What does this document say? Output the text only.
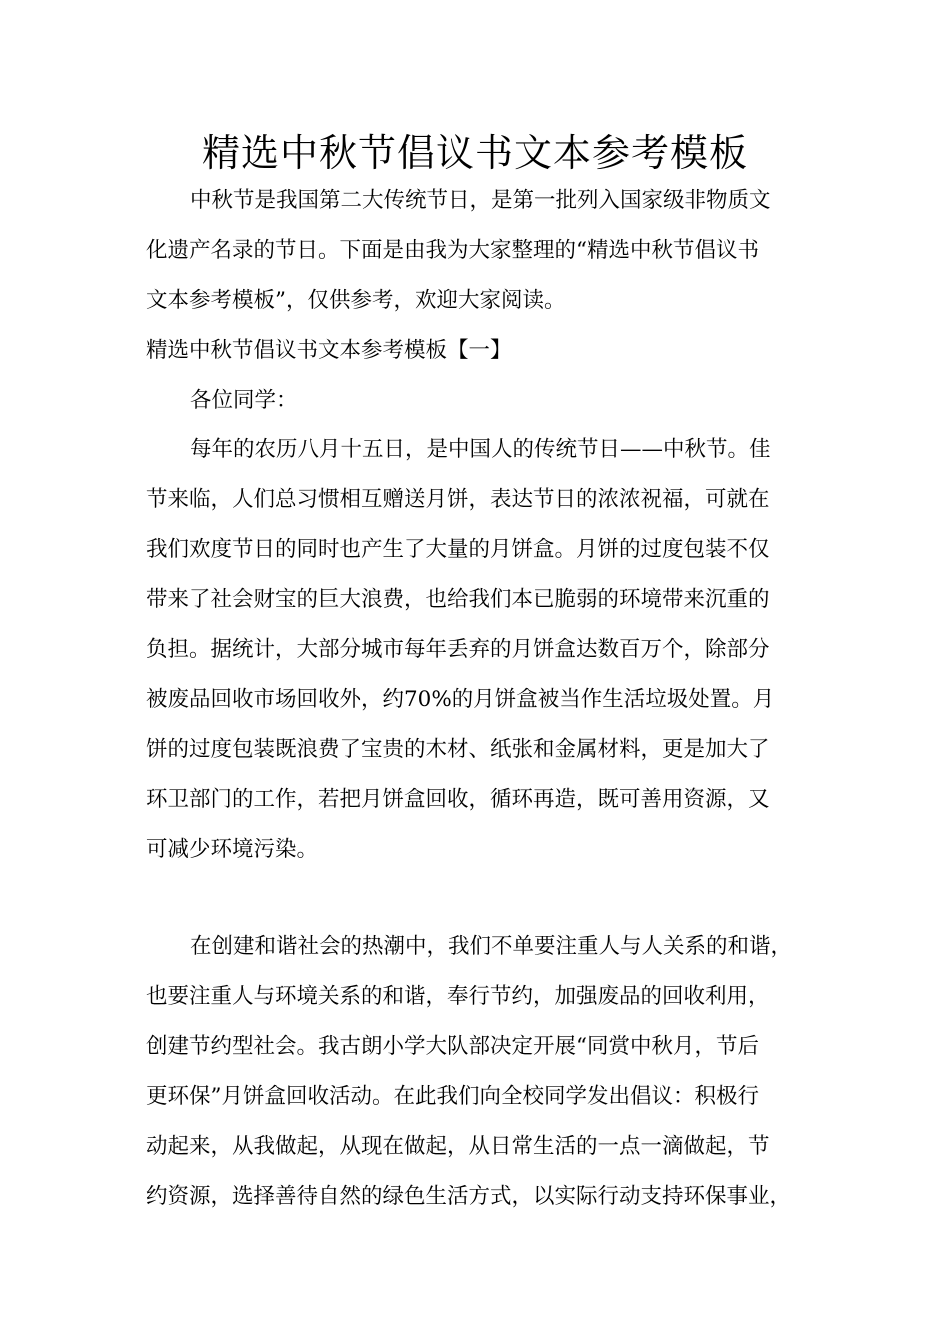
精选中秋节倡议书文本参考模板

中秋节是我国第二大传统节日，是第一批列入国家级非物质文

化遗产名录的节日。下面是由我为大家整理的“精选中秋节倡议书

文本参考模板”，仅供参考，欢迎大家阅读。

精选中秋节倡议书文本参考模板【一】

各位同学：

每年的农历八月十五日，是中国人的传统节日——中秋节。佳

节来临，人们总习惯相互赠送月饼，表达节日的浓浓祝福，可就在

我们欢度节日的同时也产生了大量的月饼盒。月饼的过度包装不仅

带来了社会财宝的巨大浪费，也给我们本已脆弱的环境带来沉重的

负担。据统计，大部分城市每年丢弃的月饼盒达数百万个，除部分

被废品回收市场回收外，约70%的月饼盒被当作生活垃圾处置。月

饼的过度包装既浪费了宝贵的木材、纸张和金属材料，更是加大了

环卫部门的工作，若把月饼盒回收，循环再造，既可善用资源，又

可减少环境污染。

在创建和谐社会的热潮中，我们不单要注重人与人关系的和谐，

也要注重人与环境关系的和谐，奉行节约，加强废品的回收利用，

创建节约型社会。我古朗小学大队部决定开展“同赏中秋月，节后

更环保”月饼盒回收活动。在此我们向全校同学发出倡议：积极行

动起来，从我做起，从现在做起，从日常生活的一点一滴做起，节

约资源，选择善待自然的绿色生活方式，以实际行动支持环保事业，
